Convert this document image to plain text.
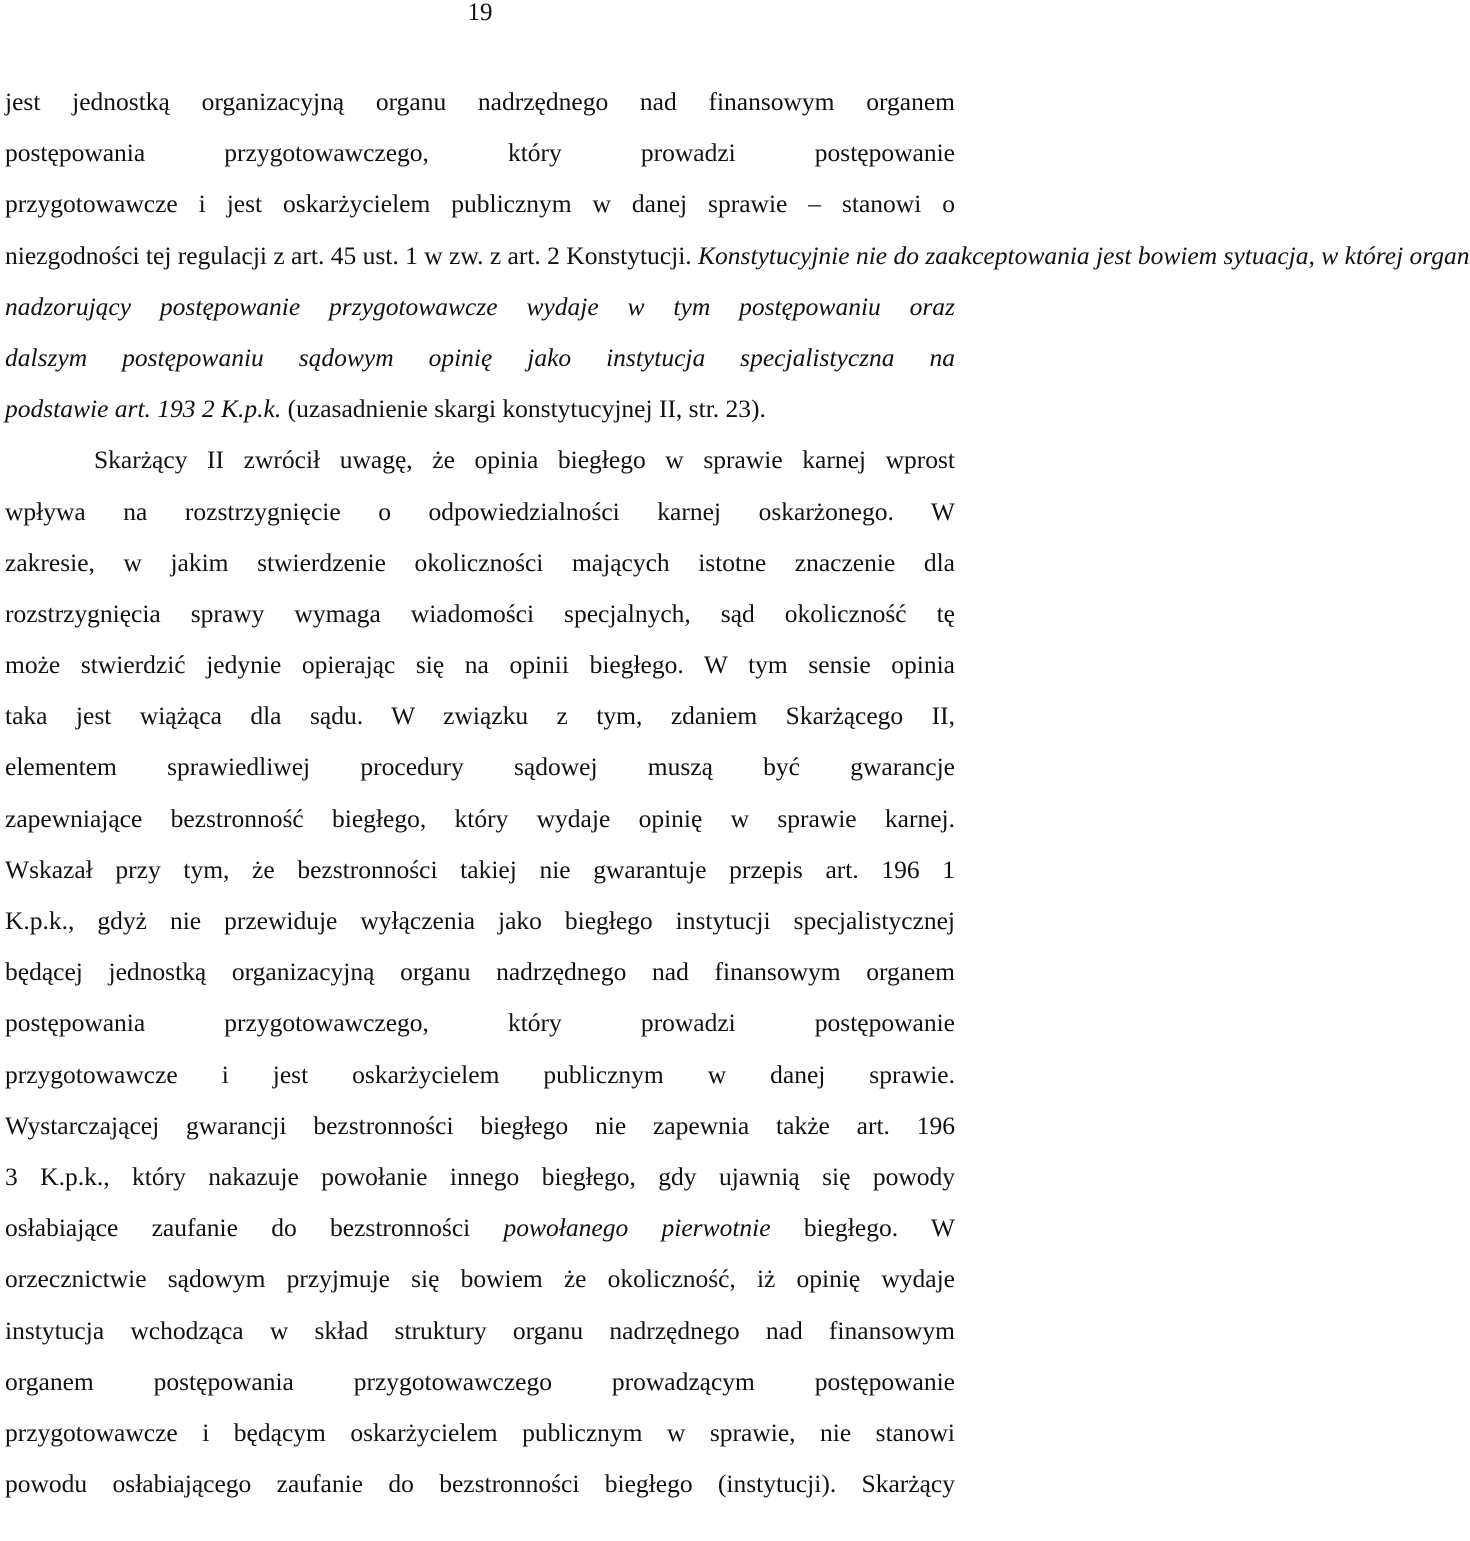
19
jest jednostką organizacyjną organu nadrzędnego nad finansowym organem
postępowania przygotowawczego, który prowadzi postępowanie
przygotowawcze i jest oskarżycielem publicznym w danej sprawie – stanowi o
niezgodności tej regulacji z art. 45 ust. 1 w zw. z art. 2 Konstytucji. Konstytucyjnie nie do zaakceptowania jest bowiem sytuacja, w której organ
nadzorujący postępowanie przygotowawcze wydaje w tym postępowaniu oraz
dalszym postępowaniu sądowym opinię jako instytucja specjalistyczna na
podstawie art. 193 2 K.p.k. (uzasadnienie skargi konstytucyjnej II, str. 23).
Skarżący II zwrócił uwagę, że opinia biegłego w sprawie karnej wprost
wpływa na rozstrzygnięcie o odpowiedzialności karnej oskarżonego. W
zakresie, w jakim stwierdzenie okoliczności mających istotne znaczenie dla
rozstrzygnięcia sprawy wymaga wiadomości specjalnych, sąd okoliczność tę
może stwierdzić jedynie opierając się na opinii biegłego. W tym sensie opinia
taka jest wiążąca dla sądu. W związku z tym, zdaniem Skarżącego II,
elementem sprawiedliwej procedury sądowej muszą być gwarancje
zapewniające bezstronność biegłego, który wydaje opinię w sprawie karnej.
Wskazał przy tym, że bezstronności takiej nie gwarantuje przepis art. 196 1
K.p.k., gdyż nie przewiduje wyłączenia jako biegłego instytucji specjalistycznej
będącej jednostką organizacyjną organu nadrzędnego nad finansowym organem
postępowania przygotowawczego, który prowadzi postępowanie
przygotowawcze i jest oskarżycielem publicznym w danej sprawie.
Wystarczającej gwarancji bezstronności biegłego nie zapewnia także art. 196
3 K.p.k., który nakazuje powołanie innego biegłego, gdy ujawnią się powody
osłabiające zaufanie do bezstronności powołanego pierwotnie biegłego. W
orzecznictwie sądowym przyjmuje się bowiem że okoliczność, iż opinię wydaje
instytucja wchodząca w skład struktury organu nadrzędnego nad finansowym
organem postępowania przygotowawczego prowadzącym postępowanie
przygotowawcze i będącym oskarżycielem publicznym w sprawie, nie stanowi
powodu osłabiającego zaufanie do bezstronności biegłego (instytucji). Skarżący
